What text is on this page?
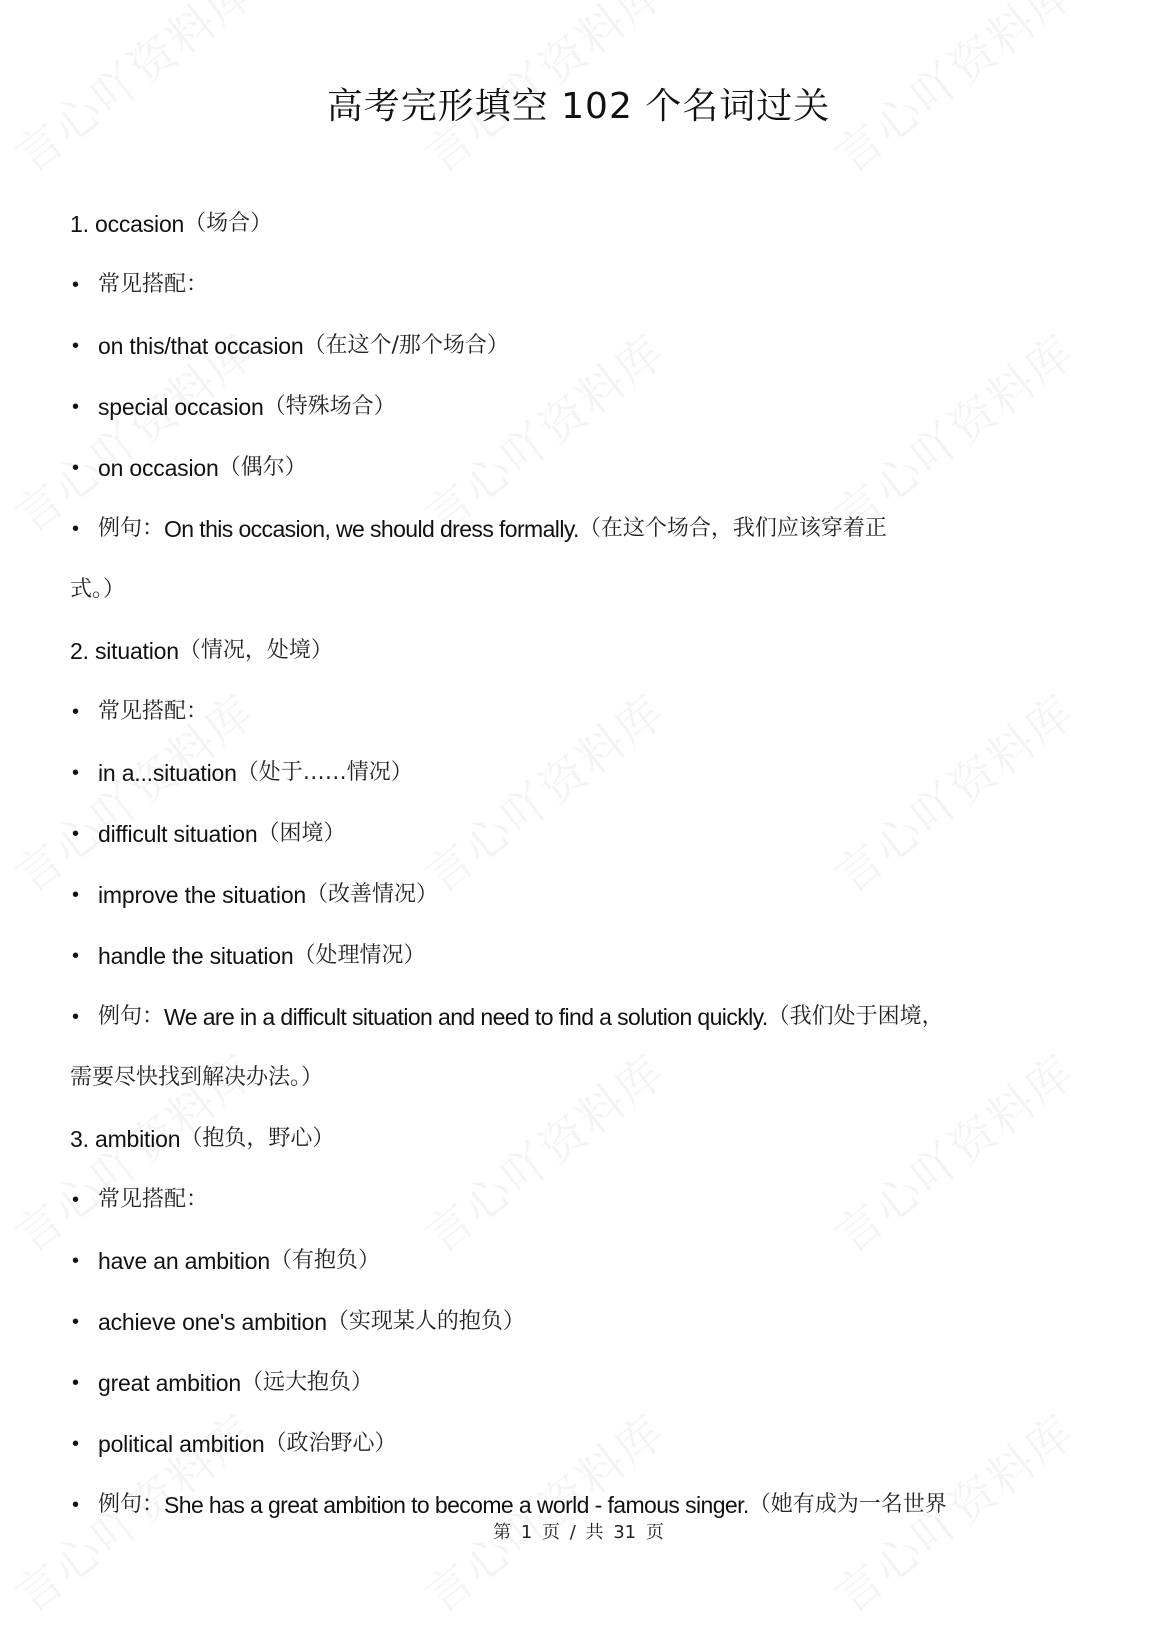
高考完形填空 102 个名词过关
1. occasion （场合）
• 常见搭配：
• on this/that occasion （在这个/那个场合）
• special occasion （特殊场合）
• on occasion （偶尔）
• 例句： On this occasion, we should dress formally. （在这个场合，我们应该穿着正
式。）
2. situation （情况，处境）
• 常见搭配：
• in a...situation （处于……情况）
• difficult situation （困境）
• improve the situation （改善情况）
• handle the situation （处理情况）
• 例句： We are in a difficult situation and need to find a solution quickly. （我们处于困境，
需要尽快找到解决办法。）
3. ambition （抱负，野心）
• 常见搭配：
• have an ambition （有抱负）
• achieve one's ambition （实现某人的抱负）
• great ambition （远大抱负）
• political ambition （政治野心）
• 例句： She has a great ambition to become a world - famous singer. （她有成为一名世界
第 1 页 / 共 31 页
